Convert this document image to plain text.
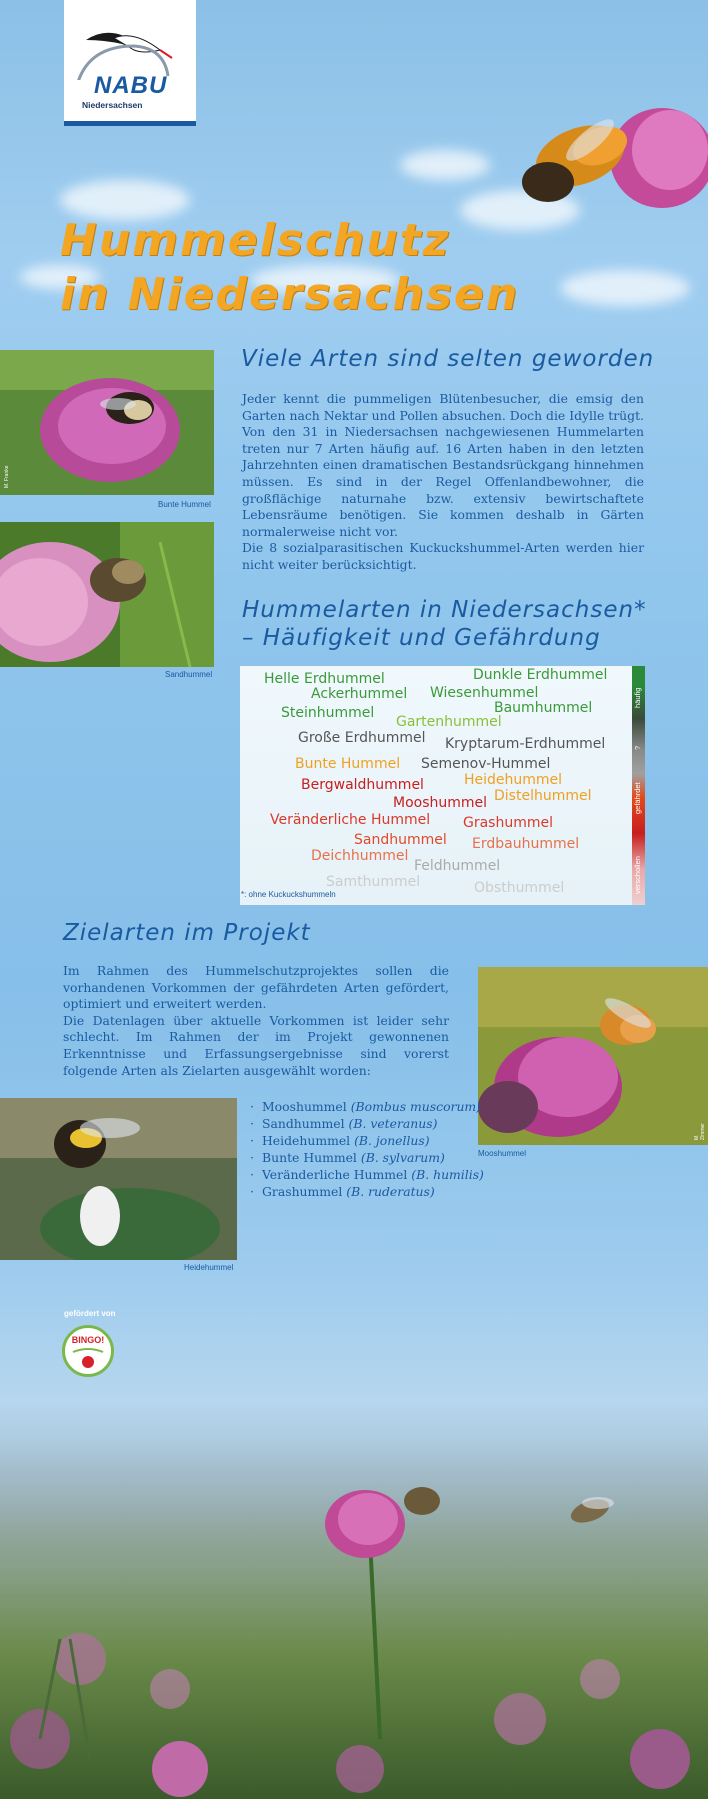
NABU
Niedersachsen
Hummelschutz
in Niedersachsen
Viele Arten sind selten geworden
M. Franke
Bunte Hummel
Sandhummel

Jeder kennt die pummeligen Blütenbesucher, die emsig den Garten nach Nektar und Pollen absuchen. Doch die Idylle trügt. Von den 31 in Niedersachsen nachgewiesenen Hummelarten treten nur 7 Arten häufig auf. 16 Arten haben in den letzten Jahrzehnten einen dramatischen Bestandsrückgang hinnehmen müssen. Es sind in der Regel Offenlandbewohner, die großflächige naturnahe bzw. extensiv bewirtschaftete Lebensräume benötigen. Sie kommen deshalb in Gärten normalerweise nicht vor.

Die 8 sozialparasitischen Kuckuckshummel-Arten werden hier nicht weiter berücksichtigt.

Hummelarten in Niedersachsen*
– Häufigkeit und Gefährdung
Helle Erdhummel	Dunkle Erdhummel
Ackerhummel Wiesenhummel
Baumhummel
Steinhummel
Gartenhummel
Große Erdhummel Kryptarum-Erdhummel
Bunte Hummel Semenov-Hummel
Heidehummel
Bergwaldhummel
Distelhummel
Mooshummel
Veränderliche Hummel Grashummel
Sandhummel Erdbauhummel
Deichhummel
Feldhummel
Samthummel	Obsthummel
häufig
?
gefährdet
verschollen
*: ohne Kuckuckshummeln
Zielarten im Projekt

Im Rahmen des Hummelschutzprojektes sollen die vorhandenen Vorkommen der gefährdeten Arten gefördert, optimiert und erweitert werden.

Die Datenlagen über aktuelle Vorkommen ist leider sehr schlecht. Im Rahmen der im Projekt gewonnenen Erkenntnisse und Erfassungsergebnisse sind vorerst folgende Arten als Zielarten ausgewählt worden:

M. Zimmer
Mooshummel
Heidehummel
· Mooshummel (Bombus muscorum)
· Sandhummel (B. veteranus)
· Heidehummel (B. jonellus)
· Bunte Hummel (B. sylvarum)
· Veränderliche Hummel (B. humilis)
· Grashummel (B. ruderatus)
gefördert von
BINGO!
